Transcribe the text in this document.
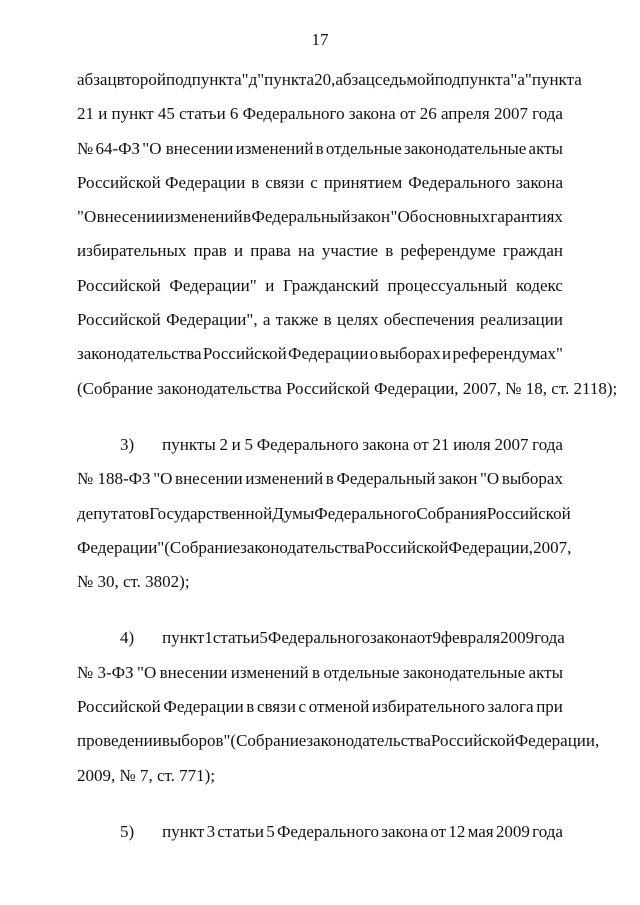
17
абзац второй подпункта "д" пункта 20, абзац седьмой подпункта "а" пункта
21 и пункт 45 статьи 6 Федерального закона от 26 апреля 2007 года
№ 64-ФЗ "О внесении изменений в отдельные законодательные акты
Российской Федерации в связи с принятием Федерального закона
"О внесении изменений в Федеральный закон "Об основных гарантиях
избирательных прав и права на участие в референдуме граждан
Российской Федерации" и Гражданский процессуальный кодекс
Российской Федерации", а также в целях обеспечения реализации
законодательства Российской Федерации о выборах и референдумах"
(Собрание законодательства Российской Федерации, 2007, № 18, ст. 2118);
3) пункты 2 и 5 Федерального закона от 21 июля 2007 года
№ 188-ФЗ "О внесении изменений в Федеральный закон "О выборах
депутатов Государственной Думы Федерального Собрания Российской
Федерации" (Собрание законодательства Российской Федерации, 2007,
№ 30, ст. 3802);
4) пункт 1 статьи 5 Федерального закона от 9 февраля 2009 года
№ 3-ФЗ "О внесении изменений в отдельные законодательные акты
Российской Федерации в связи с отменой избирательного залога при
проведении выборов" (Собрание законодательства Российской Федерации,
2009, № 7, ст. 771);
5) пункт 3 статьи 5 Федерального закона от 12 мая 2009 года
